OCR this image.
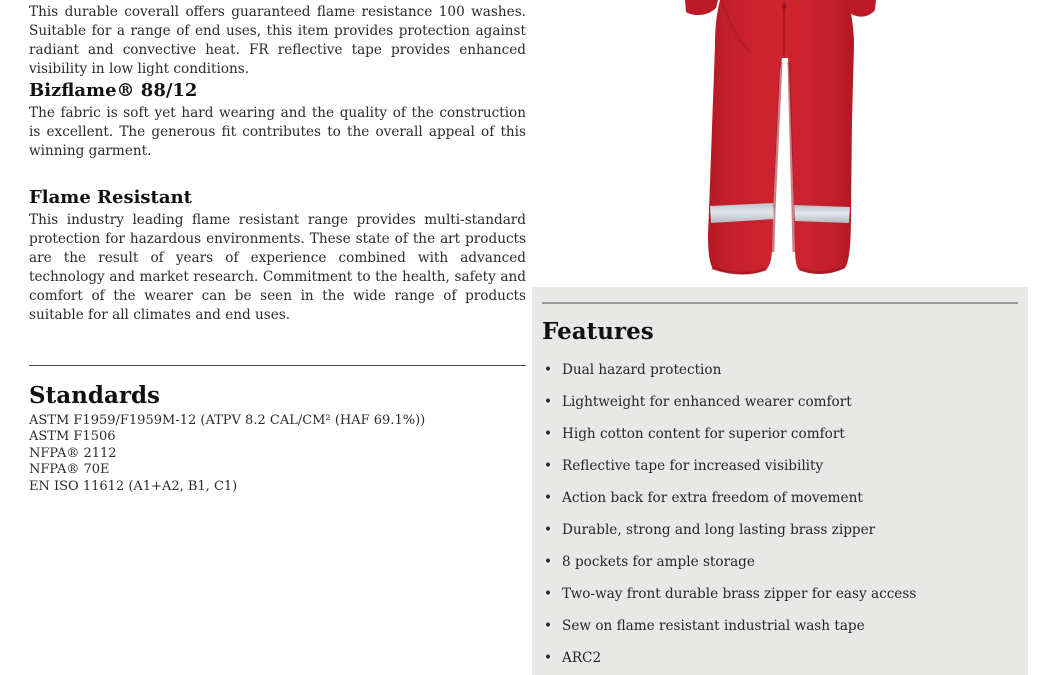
This durable coverall offers guaranteed flame resistance 100 washes. Suitable for a range of end uses, this item provides protection against radiant and convective heat. FR reflective tape provides enhanced visibility in low light conditions.

Bizflame® 88/12

The fabric is soft yet hard wearing and the quality of the construction is excellent. The generous fit contributes to the overall appeal of this winning garment.

Flame Resistant

This industry leading flame resistant range provides multi-standard protection for hazardous environments. These state of the art products are the result of years of experience combined with advanced technology and market research. Commitment to the health, safety and comfort of the wearer can be seen in the wide range of products suitable for all climates and end uses.

Standards
ASTM F1959/F1959M-12 (ATPV 8.2 CAL/CM² (HAF 69.1%))
ASTM F1506
NFPA® 2112
NFPA® 70E
EN ISO 11612 (A1+A2, B1, C1)
Features
• Dual hazard protection
• Lightweight for enhanced wearer comfort
• High cotton content for superior comfort
• Reflective tape for increased visibility
• Action back for extra freedom of movement
• Durable, strong and long lasting brass zipper
• 8 pockets for ample storage
• Two-way front durable brass zipper for easy access
• Sew on flame resistant industrial wash tape
• ARC2
